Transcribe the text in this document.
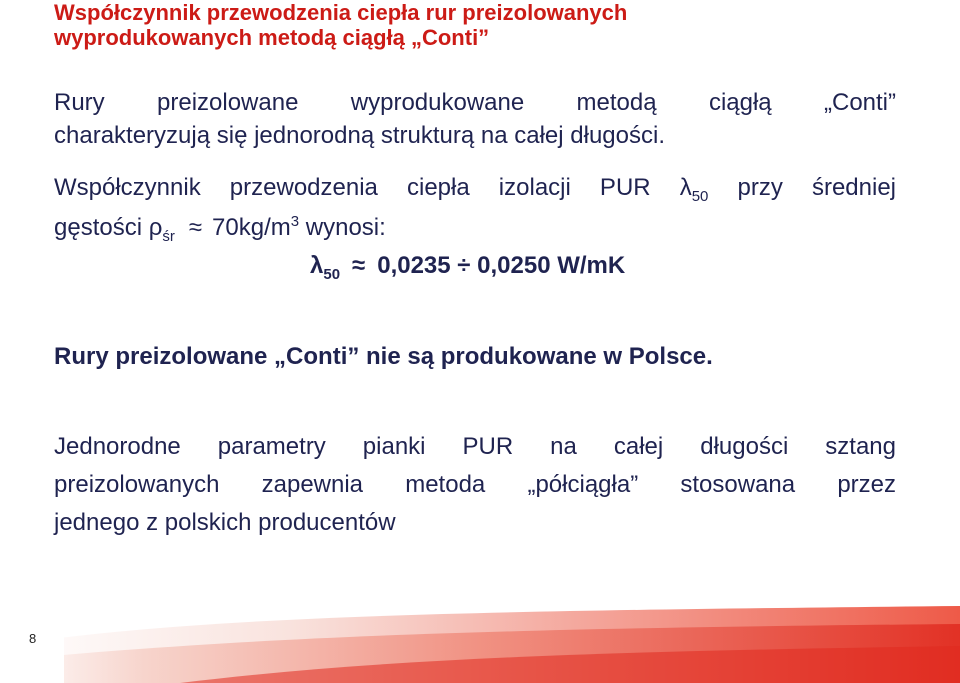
Współczynnik przewodzenia ciepła rur preizolowanych
wyprodukowanych metodą ciągłą „Conti”
Rury preizolowane wyprodukowane metodą ciągłą „Conti”
charakteryzują się jednorodną strukturą na całej długości.
Współczynnik przewodzenia ciepła izolacji PUR $\lambda_{50}$ przy średniej
gęstości $\rho_{śr} \approx 70kg/m^3$ wynosi:
$\lambda_{50} \approx 0,0235 \div 0,0250$ W/mK
Rury preizolowane „Conti” nie są produkowane w Polsce.
Jednorodne parametry pianki PUR na całej długości sztang
preizolowanych zapewnia metoda „półciągła” stosowana przez
jednego z polskich producentów
8
